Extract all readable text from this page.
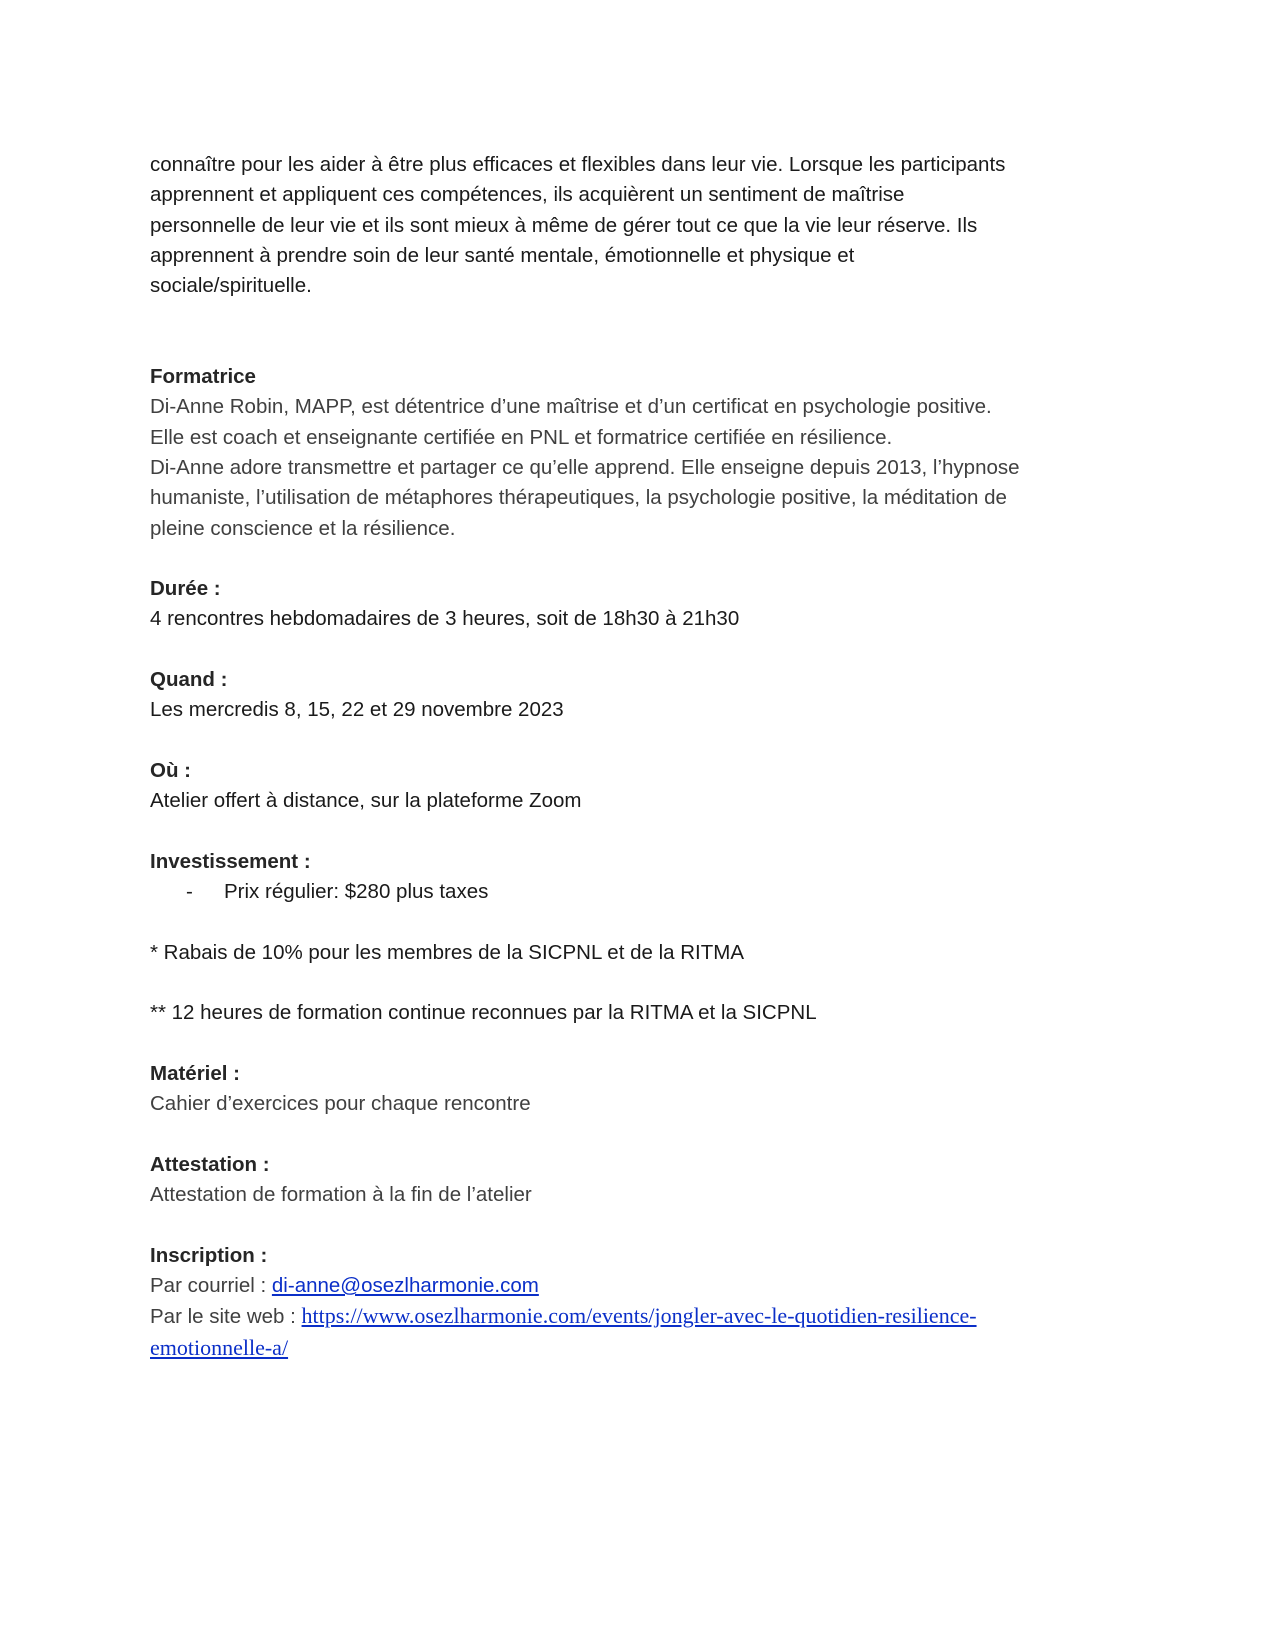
connaître pour les aider à être plus efficaces et flexibles dans leur vie. Lorsque les participants

apprennent et appliquent ces compétences, ils acquièrent un sentiment de maîtrise

personnelle de leur vie et ils sont mieux à même de gérer tout ce que la vie leur réserve. Ils

apprennent à prendre soin de leur santé mentale, émotionnelle et physique et

sociale/spirituelle.

Formatrice

Di-Anne Robin, MAPP, est détentrice d’une maîtrise et d’un certificat en psychologie positive.

Elle est coach et enseignante certifiée en PNL et formatrice certifiée en résilience.

Di-Anne adore transmettre et partager ce qu’elle apprend. Elle enseigne depuis 2013, l’hypnose

humaniste, l’utilisation de métaphores thérapeutiques, la psychologie positive, la méditation de

pleine conscience et la résilience.

Durée :

4 rencontres hebdomadaires de 3 heures, soit de 18h30 à 21h30

Quand :

Les mercredis 8, 15, 22 et 29 novembre 2023

Où :

Atelier offert à distance, sur la plateforme Zoom

Investissement :

-	Prix régulier: $280 plus taxes

* Rabais de 10% pour les membres de la SICPNL et de la RITMA

** 12 heures de formation continue reconnues par la RITMA et la SICPNL

Matériel :

Cahier d’exercices pour chaque rencontre

Attestation :

Attestation de formation à la fin de l’atelier

Inscription :

Par courriel : di-anne@osezlharmonie.com

Par le site web : https://www.osezlharmonie.com/events/jongler-avec-le-quotidien-resilience-

emotionnelle-a/
